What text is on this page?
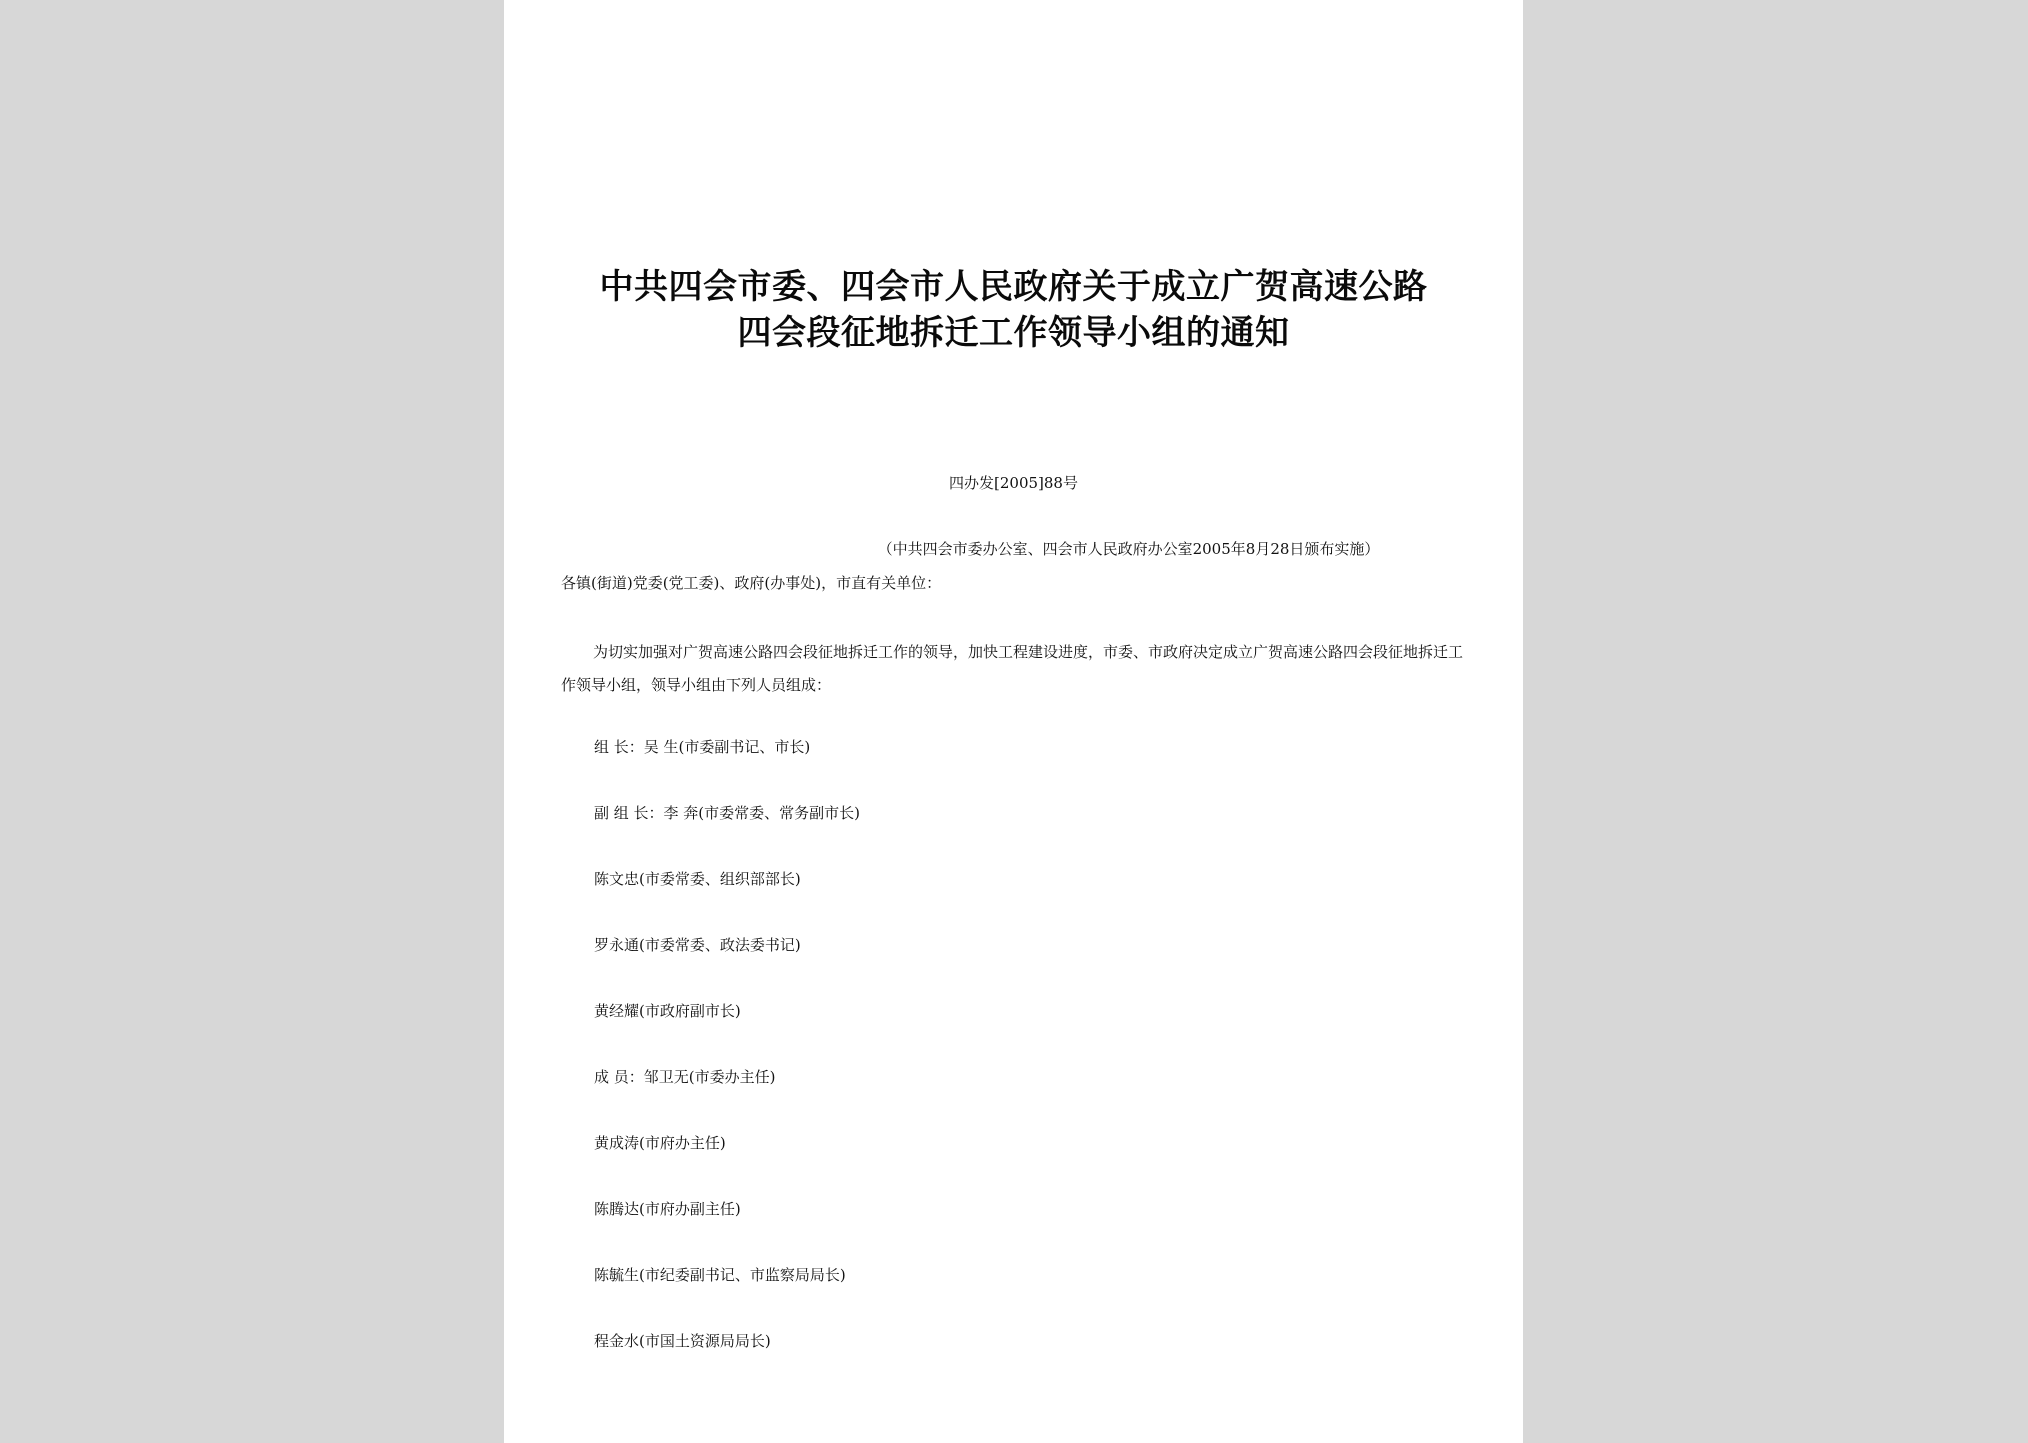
中共四会市委、四会市人民政府关于成立广贺高速公路
四会段征地拆迁工作领导小组的通知
四办发[2005]88号
（中共四会市委办公室、四会市人民政府办公室2005年8月28日颁布实施）
各镇(街道)党委(党工委)、政府(办事处)，市直有关单位：
为切实加强对广贺高速公路四会段征地拆迁工作的领导，加快工程建设进度，市委、市政府决定成立广贺高速公路四会段征地拆迁工作领导小组，领导小组由下列人员组成：
组 长：吴 生(市委副书记、市长)
副 组 长：李 奔(市委常委、常务副市长)
陈文忠(市委常委、组织部部长)
罗永通(市委常委、政法委书记)
黄经耀(市政府副市长)
成 员：邹卫无(市委办主任)
黄成涛(市府办主任)
陈腾达(市府办副主任)
陈毓生(市纪委副书记、市监察局局长)
程金水(市国土资源局局长)
